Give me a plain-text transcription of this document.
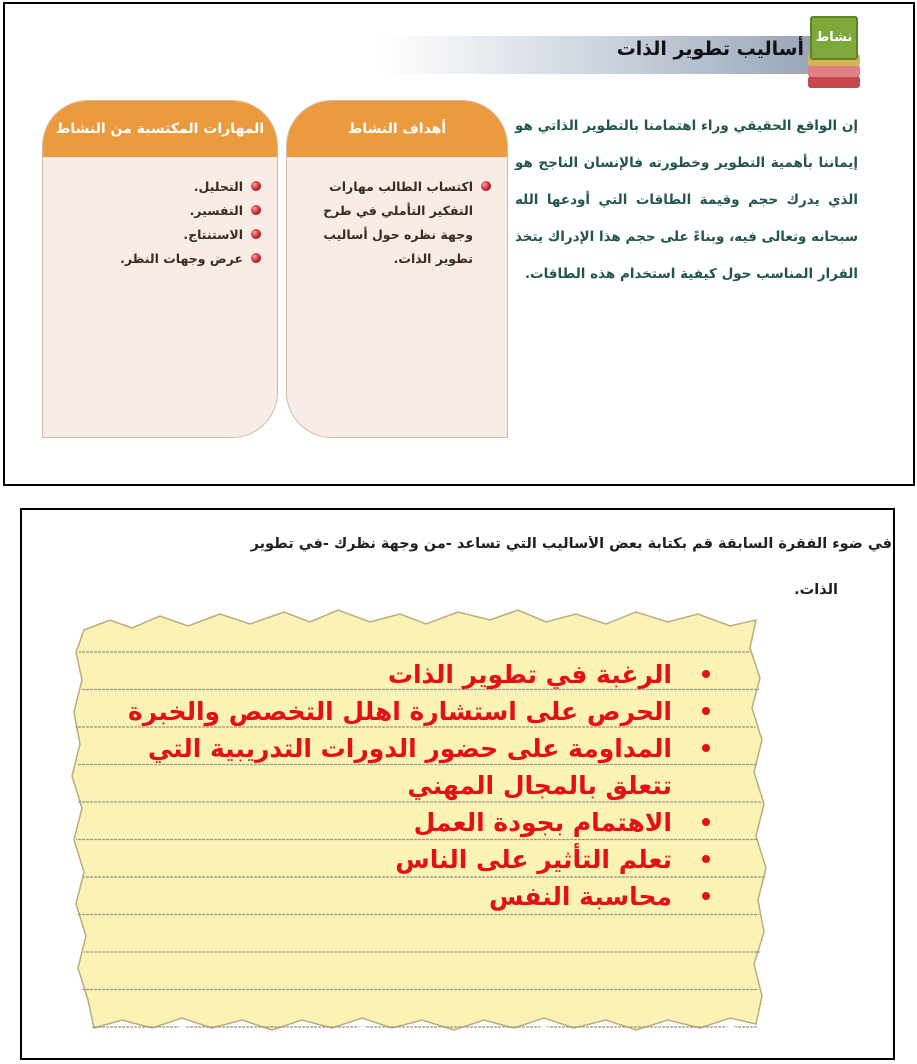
أساليب تطوير الذات
نشاط
إن الواقع الحقيقي وراء اهتمامنا بالتطوير الذاتي هو إيماننا بأهمية التطوير وخطورته فالإنسان الناجح هو الذي يدرك حجم وقيمة الطاقات التي أودعها الله سبحانه وتعالى فيه، وبناءً على حجم هذا الإدراك يتخذ القرار المناسب حول كيفية استخدام هذه الطاقات.
أهداف النشاط
اكتساب الطالب مهارات التفكير التأملي في طرح وجهة نظره حول أساليب تطوير الذات.
المهارات المكتسبة من النشاط
التحليل.
التفسير.
الاستنتاج.
عرض وجهات النظر.
في ضوء الفقرة السابقة قم بكتابة بعض الأساليب التي تساعد -من وجهة نظرك -في تطوير
الذات.
الرغبة في تطوير الذات
الحرص على استشارة اهلل التخصص والخبرة
المداومة على حضور الدورات التدريبية التي تتعلق بالمجال المهني
الاهتمام بجودة العمل
تعلم التأثير على الناس
محاسبة النفس
